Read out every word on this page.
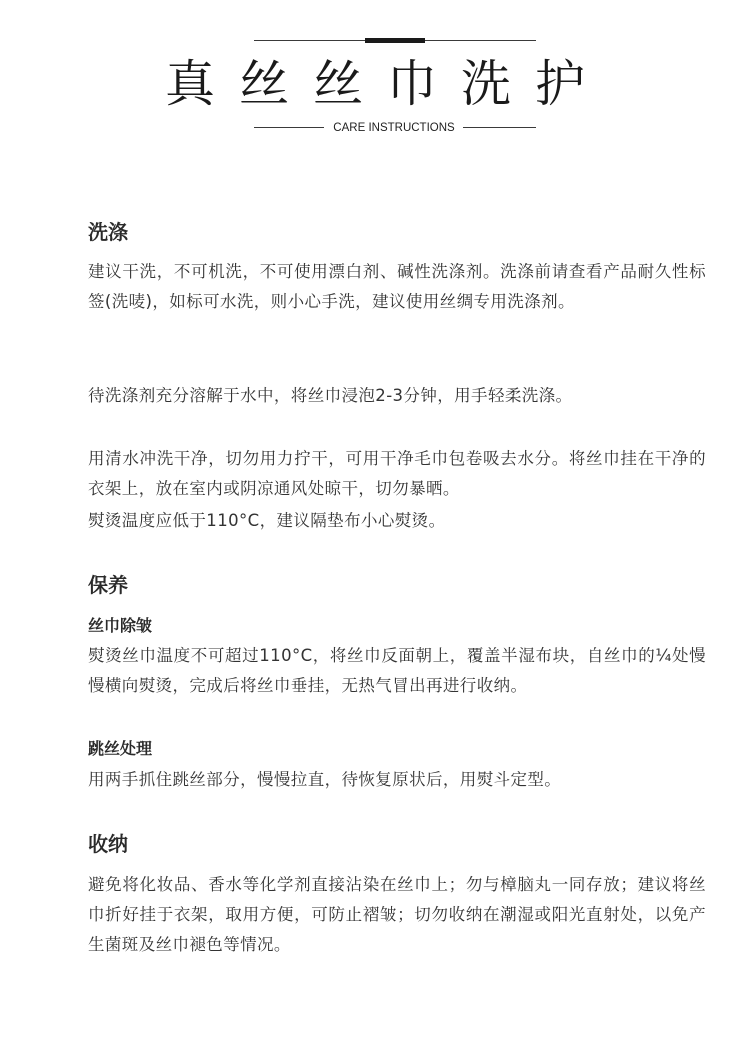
真丝丝巾洗护
CARE INSTRUCTIONS
洗涤
建议干洗，不可机洗，不可使用漂白剂、碱性洗涤剂。洗涤前请查看产品耐久性标签(洗唛)，如标可水洗，则小心手洗，建议使用丝绸专用洗涤剂。
待洗涤剂充分溶解于水中，将丝巾浸泡2-3分钟，用手轻柔洗涤。
用清水冲洗干净，切勿用力拧干，可用干净毛巾包卷吸去水分。将丝巾挂在干净的衣架上，放在室内或阴凉通风处晾干，切勿暴晒。
熨烫温度应低于110°C，建议隔垫布小心熨烫。
保养
丝巾除皱
熨烫丝巾温度不可超过110°C，将丝巾反面朝上，覆盖半湿布块，自丝巾的¼处慢慢横向熨烫，完成后将丝巾垂挂，无热气冒出再进行收纳。
跳丝处理
用两手抓住跳丝部分，慢慢拉直，待恢复原状后，用熨斗定型。
收纳
避免将化妆品、香水等化学剂直接沾染在丝巾上；勿与樟脑丸一同存放；建议将丝巾折好挂于衣架，取用方便，可防止褶皱；切勿收纳在潮湿或阳光直射处，以免产生菌斑及丝巾褪色等情况。
